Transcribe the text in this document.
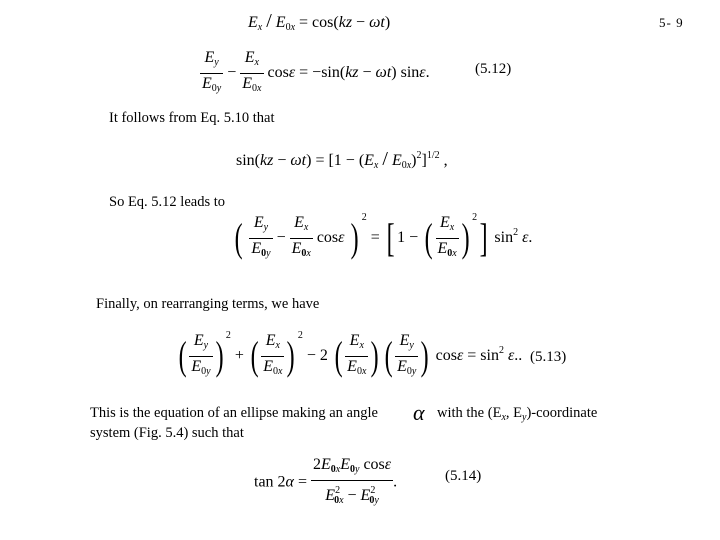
5- 9
$E_x / E_{0x} = \cos(kz - \omega t)$
$\frac{E_y}{E_{0y}} - \frac{E_x}{E_{0x}}$ cosε = −sin(kz − ωt) sinε.	(5.12)
It follows from Eq. 5.10 that
$\sin(kz - \omega t) = [1 - (E_x / E_{0x})^2]^{1/2}$ ,
So Eq. 5.12 leads to
( $\frac{E_y}{E_{0y}} - \frac{E_x}{E_{0x}}$ cosε ) $^2$ = [ 1 − ( $\frac{E_x}{E_{0x}}$ ) $^2$] $\sin^2 \varepsilon$.
Finally, on rearranging terms, we have
( $\frac{E_y}{E_{0y}}$ ) $^2$ + ( $\frac{E_x}{E_{0x}}$ ) $^2$ − 2 ( $\frac{E_x}{E_{0x}}$ ) ( $\frac{E_y}{E_{0y}}$ ) $\cos\varepsilon = \sin^2 \varepsilon$.. (5.13)
This is the equation of an ellipse making an angle α with the ($E_x$, $E_y$)-coordinate
system (Fig. 5.4) such that
$\tan 2\alpha = \frac{2E_{0x}E_{0y} \cos\varepsilon}{E^2_{0x} - E^2_{0y}}$ .	(5.14)
